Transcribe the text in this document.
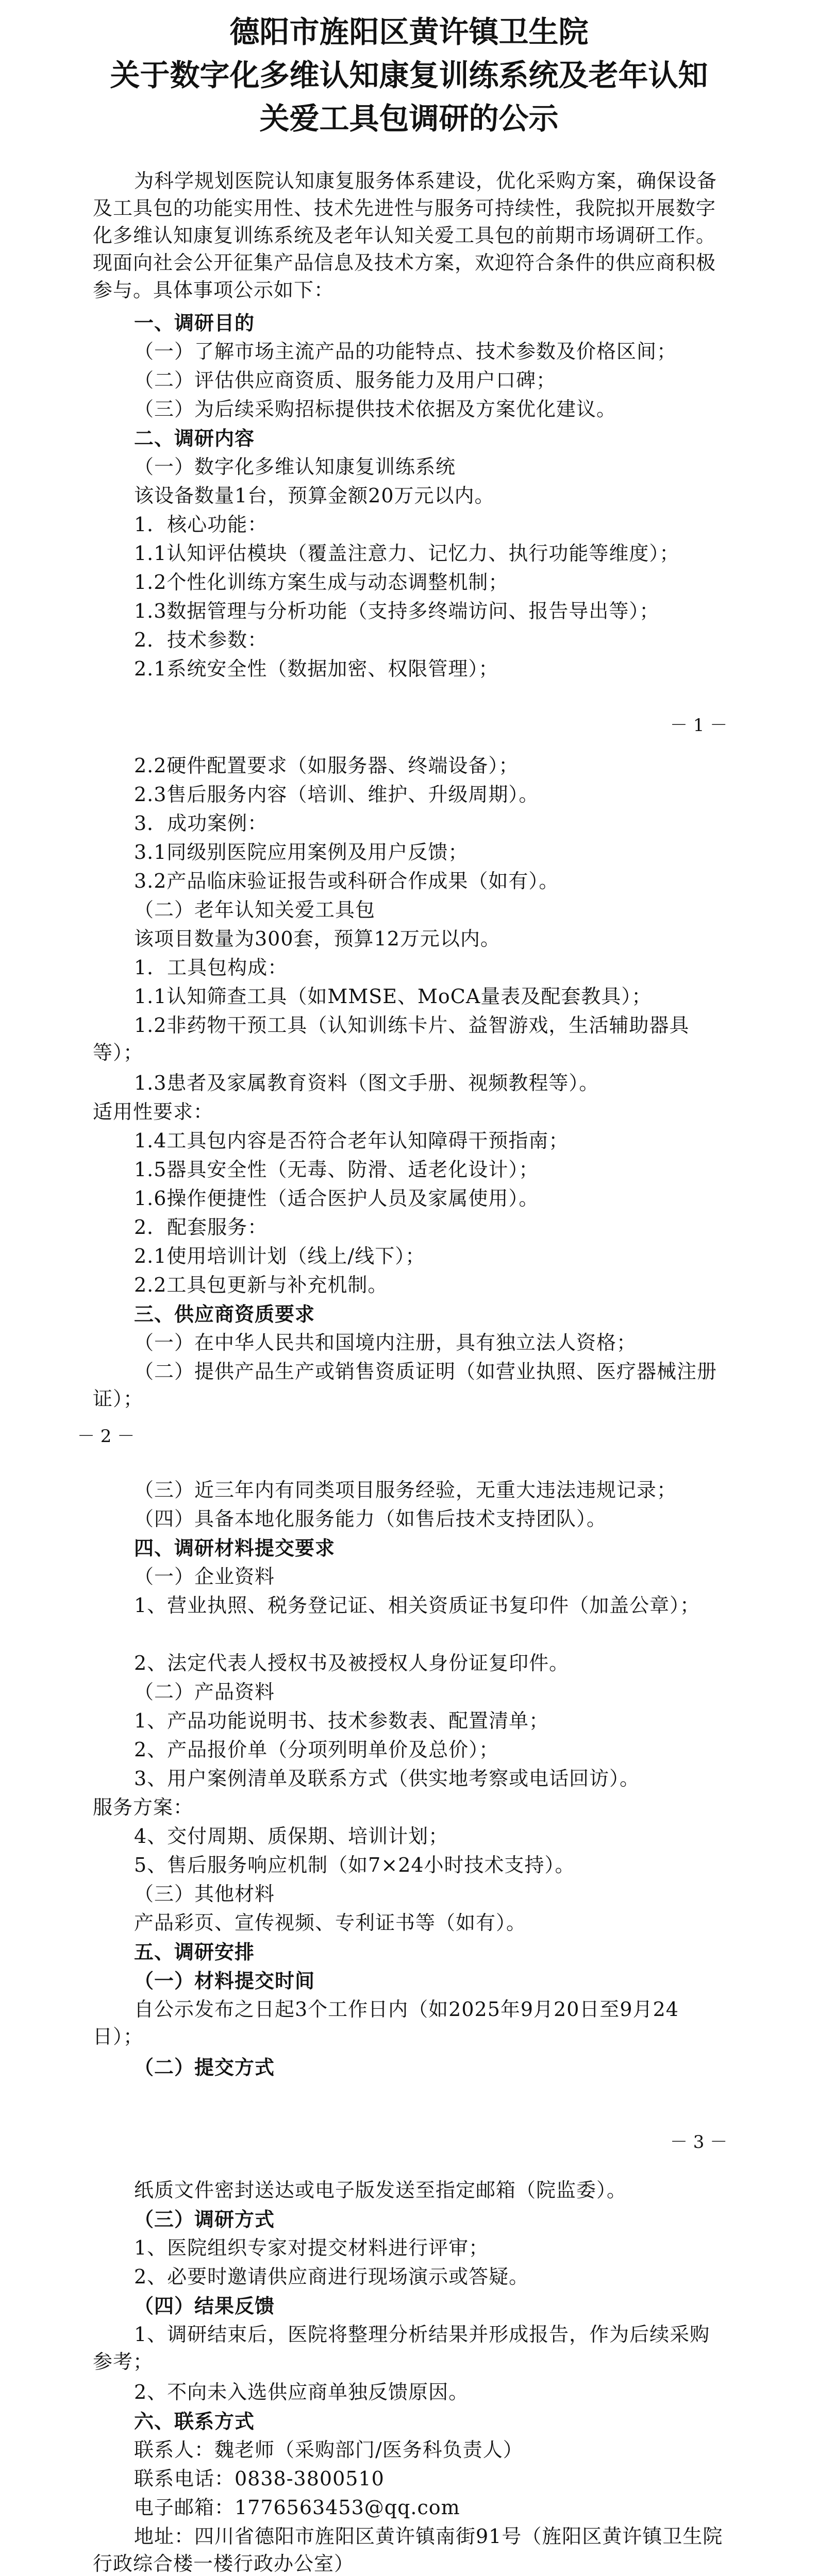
德阳市旌阳区黄许镇卫生院
关于数字化多维认知康复训练系统及老年认知
关爱工具包调研的公示
为科学规划医院认知康复服务体系建设，优化采购方案，确保设备及工具包的功能实用性、技术先进性与服务可持续性，我院拟开展数字化多维认知康复训练系统及老年认知关爱工具包的前期市场调研工作。现面向社会公开征集产品信息及技术方案，欢迎符合条件的供应商积极参与。具体事项公示如下：
一、调研目的
（一）了解市场主流产品的功能特点、技术参数及价格区间；
（二）评估供应商资质、服务能力及用户口碑；
（三）为后续采购招标提供技术依据及方案优化建议。
二、调研内容
（一）数字化多维认知康复训练系统
该设备数量1台，预算金额20万元以内。
1．核心功能：
1.1认知评估模块（覆盖注意力、记忆力、执行功能等维度）；
1.2个性化训练方案生成与动态调整机制；
1.3数据管理与分析功能（支持多终端访问、报告导出等）；
2．技术参数：
2.1系统安全性（数据加密、权限管理）；
－ 1 －
2.2硬件配置要求（如服务器、终端设备）；
2.3售后服务内容（培训、维护、升级周期）。
3．成功案例：
3.1同级别医院应用案例及用户反馈；
3.2产品临床验证报告或科研合作成果（如有）。
（二）老年认知关爱工具包
该项目数量为300套，预算12万元以内。
1．工具包构成：
1.1认知筛查工具（如MMSE、MoCA量表及配套教具）；
1.2非药物干预工具（认知训练卡片、益智游戏，生活辅助器具等）；
1.3患者及家属教育资料（图文手册、视频教程等）。
适用性要求：
1.4工具包内容是否符合老年认知障碍干预指南；
1.5器具安全性（无毒、防滑、适老化设计）；
1.6操作便捷性（适合医护人员及家属使用）。
2．配套服务：
2.1使用培训计划（线上/线下）；
2.2工具包更新与补充机制。
三、供应商资质要求
（一）在中华人民共和国境内注册，具有独立法人资格；
（二）提供产品生产或销售资质证明（如营业执照、医疗器械注册证）；
－ 2 －
（三）近三年内有同类项目服务经验，无重大违法违规记录；
（四）具备本地化服务能力（如售后技术支持团队）。
四、调研材料提交要求
（一）企业资料
1、营业执照、税务登记证、相关资质证书复印件（加盖公章）；
2、法定代表人授权书及被授权人身份证复印件。
（二）产品资料
1、产品功能说明书、技术参数表、配置清单；
2、产品报价单（分项列明单价及总价）；
3、用户案例清单及联系方式（供实地考察或电话回访）。
服务方案：
4、交付周期、质保期、培训计划；
5、售后服务响应机制（如7×24小时技术支持）。
（三）其他材料
产品彩页、宣传视频、专利证书等（如有）。
五、调研安排
（一）材料提交时间
自公示发布之日起3个工作日内（如2025年9月20日至9月24日）；
（二）提交方式
－ 3 －
纸质文件密封送达或电子版发送至指定邮箱（院监委）。
（三）调研方式
1、医院组织专家对提交材料进行评审；
2、必要时邀请供应商进行现场演示或答疑。
（四）结果反馈
1、调研结束后，医院将整理分析结果并形成报告，作为后续采购参考；
2、不向未入选供应商单独反馈原因。
六、联系方式
联系人：魏老师（采购部门/医务科负责人）
联系电话：0838-3800510
电子邮箱：1776563453@qq.com
地址：四川省德阳市旌阳区黄许镇南街91号（旌阳区黄许镇卫生院行政综合楼一楼行政办公室）
